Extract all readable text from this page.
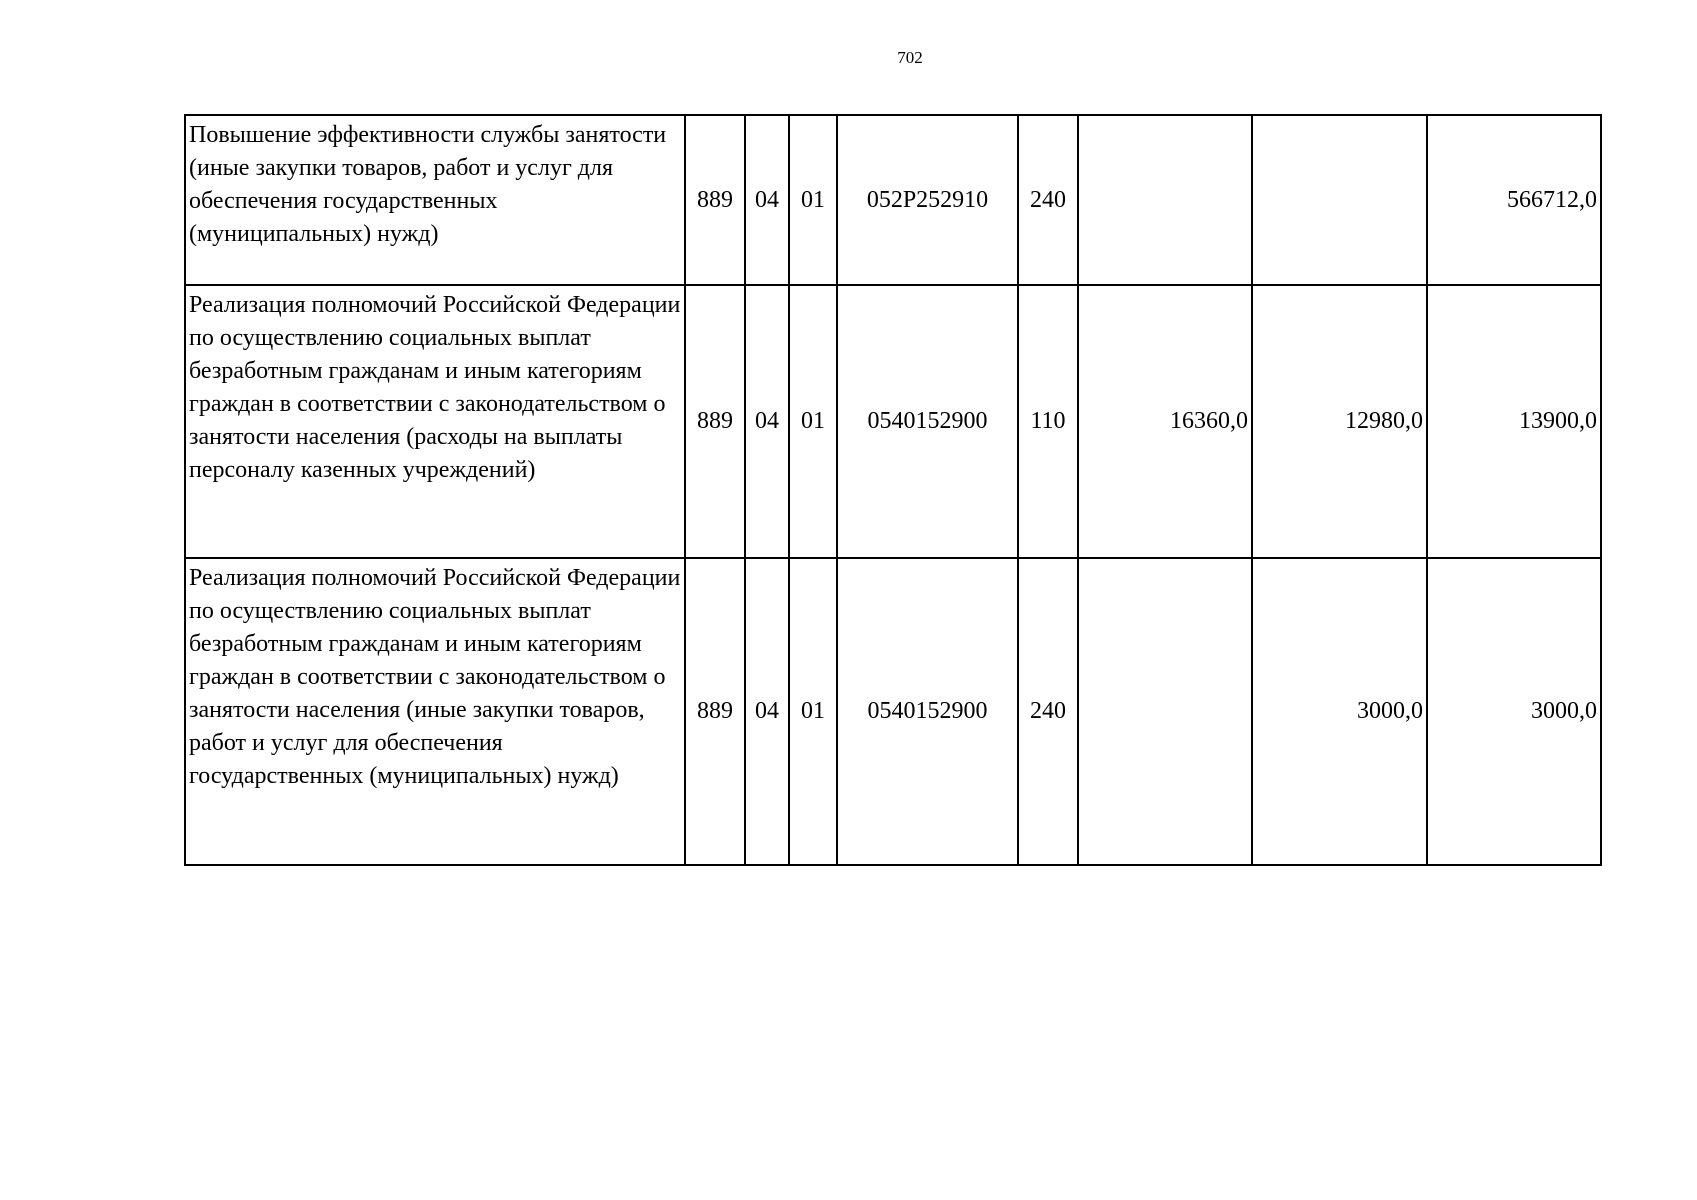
702
Повышение эффективности службы занятости (иные закупки товаров, работ и услуг для обеспечения государственных (муниципальных) нужд)	889	04	01	052P252910	240			566712,0
Реализация полномочий Российской Федерации по осуществлению социальных выплат безработным гражданам и иным категориям граждан в соответствии с законодательством о занятости населения (расходы на выплаты персоналу казенных учреждений)	889	04	01	0540152900	110	16360,0	12980,0	13900,0
Реализация полномочий Российской Федерации по осуществлению социальных выплат безработным гражданам и иным категориям граждан в соответствии с законодательством о занятости населения (иные закупки товаров, работ и услуг для обеспечения государственных (муниципальных) нужд)	889	04	01	0540152900	240		3000,0	3000,0
